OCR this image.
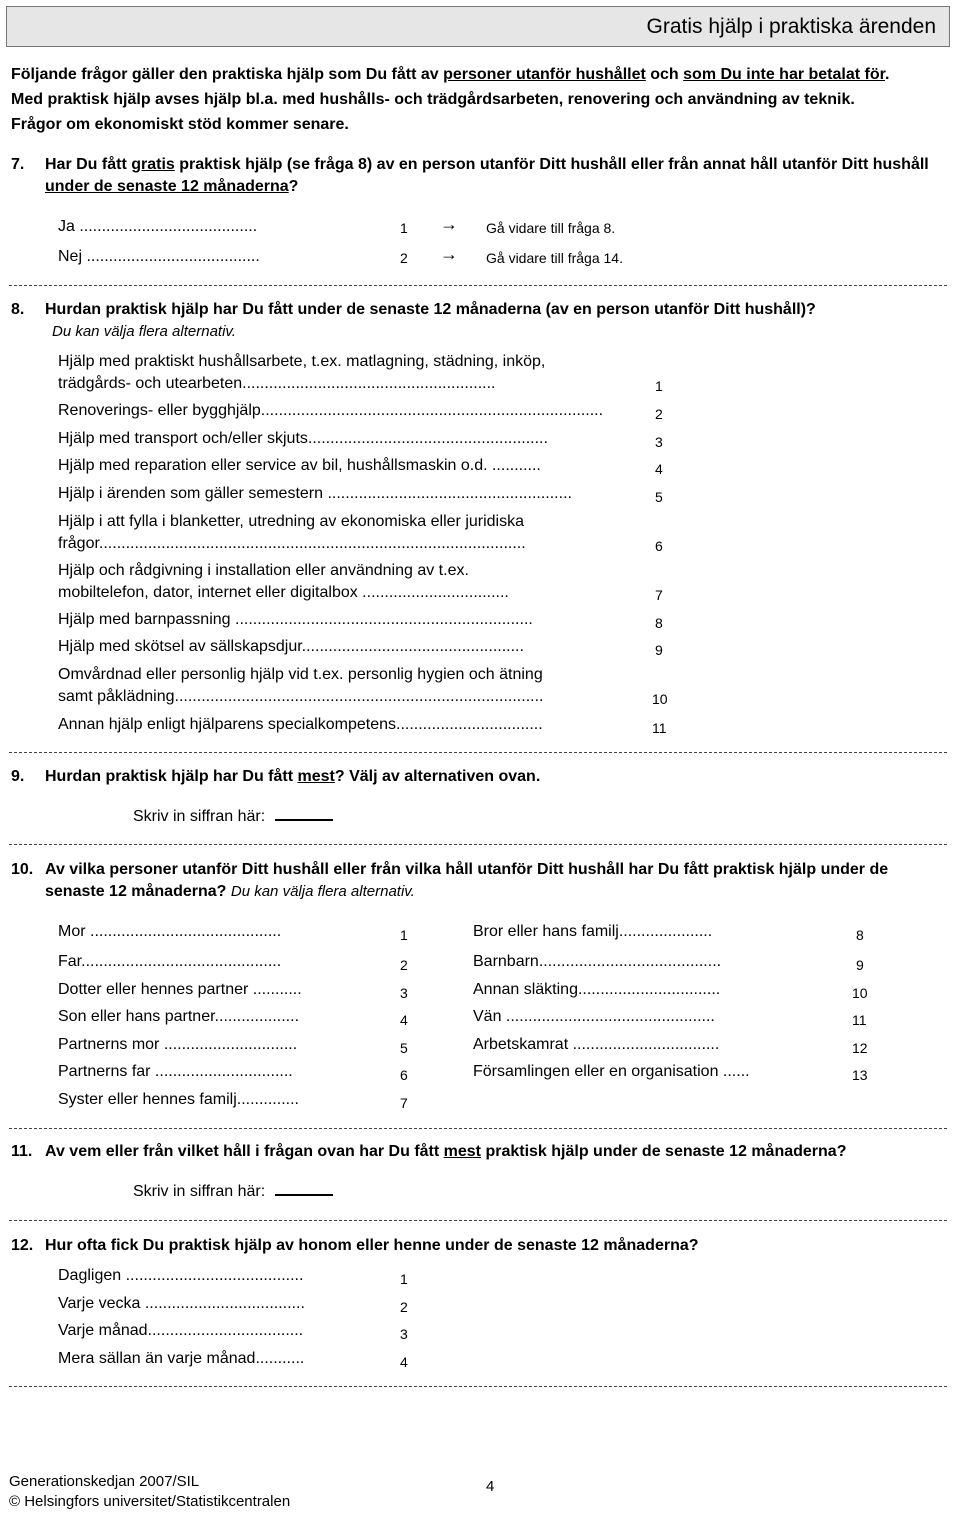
Gratis hjälp i praktiska ärenden
Följande frågor gäller den praktiska hjälp som Du fått av personer utanför hushållet och som Du inte har betalat för.
Med praktisk hjälp avses hjälp bl.a. med hushålls- och trädgårdsarbeten, renovering och användning av teknik.
Frågor om ekonomiskt stöd kommer senare.
7. Har Du fått gratis praktisk hjälp (se fråga 8) av en person utanför Ditt hushåll eller från annat håll utanför Ditt hushåll under de senaste 12 månaderna?
Ja ........................................	1 → Gå vidare till fråga 8.
Nej .......................................	2 → Gå vidare till fråga 14.
8. Hurdan praktisk hjälp har Du fått under de senaste 12 månaderna (av en person utanför Ditt hushåll)?
Du kan välja flera alternativ.
Hjälp med praktiskt hushållsarbete, t.ex. matlagning, städning, inköp,
trädgårds- och utearbeten.........................................................	1
Renoverings- eller bygghjälp.............................................................................	2
Hjälp med transport och/eller skjuts......................................................	3
Hjälp med reparation eller service av bil, hushållsmaskin o.d. ...........	4
Hjälp i ärenden som gäller semestern .......................................................	5
Hjälp i att fylla i blanketter, utredning av ekonomiska eller juridiska
frågor................................................................................................	6
Hjälp och rådgivning i installation eller användning av t.ex.
mobiltelefon, dator, internet eller digitalbox .................................	7
Hjälp med barnpassning ...................................................................	8
Hjälp med skötsel av sällskapsdjur..................................................	9
Omvårdnad eller personlig hjälp vid t.ex. personlig hygien och ätning
samt påklädning...................................................................................	10
Annan hjälp enligt hjälparens specialkompetens.................................	11
9. Hurdan praktisk hjälp har Du fått mest? Välj av alternativen ovan.
Skriv in siffran här:
10. Av vilka personer utanför Ditt hushåll eller från vilka håll utanför Ditt hushåll har Du fått praktisk hjälp under de senaste 12 månaderna? Du kan välja flera alternativ.
Mor ...........................................	1
Far.............................................	2
Dotter eller hennes partner ...........	3
Son eller hans partner...................	4
Partnerns mor ..............................	5
Partnerns far ...............................	6
Syster eller hennes familj..............	7
Bror eller hans familj.....................	8
Barnbarn.........................................	9
Annan släkting................................	10
Vän ...............................................	11
Arbetskamrat .................................	12
Församlingen eller en organisation ......	13
11. Av vem eller från vilket håll i frågan ovan har Du fått mest praktisk hjälp under de senaste 12 månaderna?
Skriv in siffran här:
12. Hur ofta fick Du praktisk hjälp av honom eller henne under de senaste 12 månaderna?
Dagligen ........................................	1
Varje vecka ....................................	2
Varje månad...................................	3
Mera sällan än varje månad...........	4
Generationskedjan 2007/SIL
© Helsingfors universitet/Statistikcentralen
4
